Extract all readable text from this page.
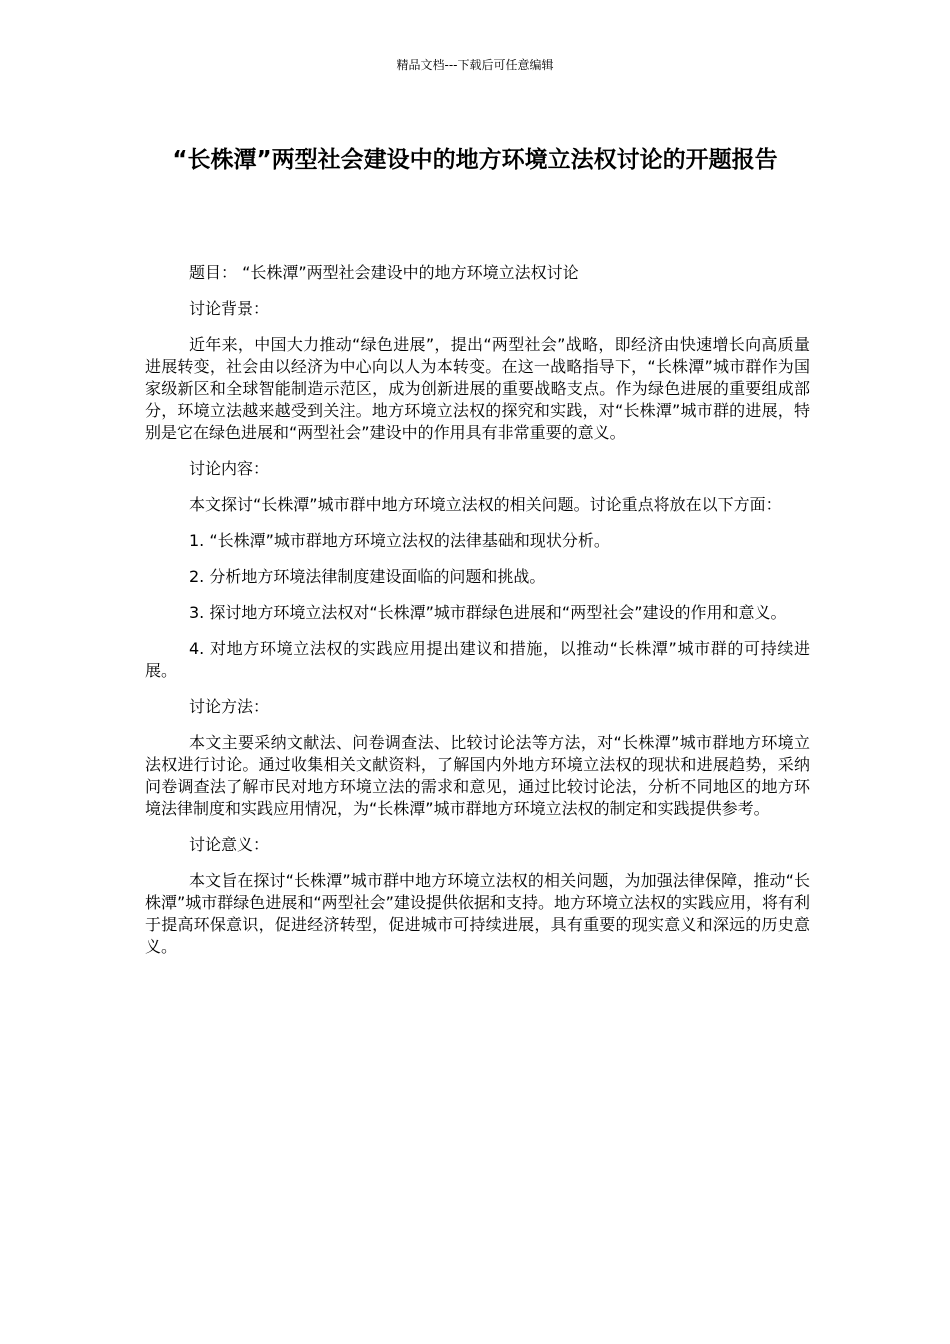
精品文档---下载后可任意编辑
“长株潭”两型社会建设中的地方环境立法权讨论的开题报告

题目： “长株潭”两型社会建设中的地方环境立法权讨论

讨论背景：

近年来，中国大力推动“绿色进展”，提出“两型社会”战略，即经济由快速增长向高质量进展转变，社会由以经济为中心向以人为本转变。在这一战略指导下，“长株潭”城市群作为国家级新区和全球智能制造示范区，成为创新进展的重要战略支点。作为绿色进展的重要组成部分，环境立法越来越受到关注。地方环境立法权的探究和实践，对“长株潭”城市群的进展，特别是它在绿色进展和“两型社会”建设中的作用具有非常重要的意义。

讨论内容：

本文探讨“长株潭”城市群中地方环境立法权的相关问题。讨论重点将放在以下方面：

1. “长株潭”城市群地方环境立法权的法律基础和现状分析。

2. 分析地方环境法律制度建设面临的问题和挑战。

3. 探讨地方环境立法权对“长株潭”城市群绿色进展和“两型社会”建设的作用和意义。

4. 对地方环境立法权的实践应用提出建议和措施，以推动“长株潭”城市群的可持续进展。

讨论方法：

本文主要采纳文献法、问卷调查法、比较讨论法等方法，对“长株潭”城市群地方环境立法权进行讨论。通过收集相关文献资料，了解国内外地方环境立法权的现状和进展趋势，采纳问卷调查法了解市民对地方环境立法的需求和意见，通过比较讨论法，分析不同地区的地方环境法律制度和实践应用情况，为“长株潭”城市群地方环境立法权的制定和实践提供参考。

讨论意义：

本文旨在探讨“长株潭”城市群中地方环境立法权的相关问题，为加强法律保障，推动“长株潭”城市群绿色进展和“两型社会”建设提供依据和支持。地方环境立法权的实践应用，将有利于提高环保意识，促进经济转型，促进城市可持续进展，具有重要的现实意义和深远的历史意义。
